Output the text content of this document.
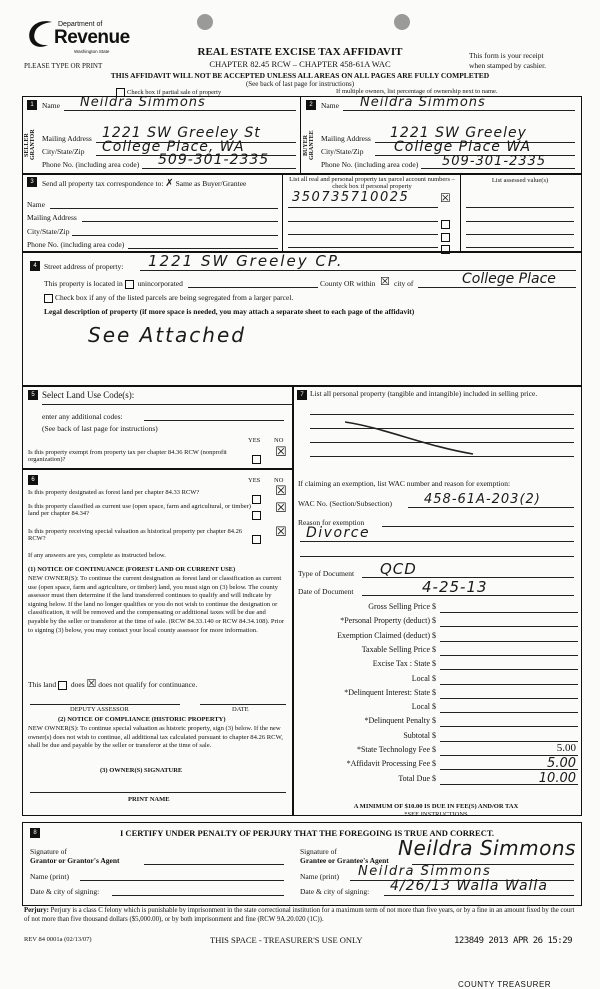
Department of
Revenue
Washington State
PLEASE TYPE OR PRINT
REAL ESTATE EXCISE TAX AFFIDAVIT
CHAPTER 82.45 RCW – CHAPTER 458-61A WAC
This form is your receipt
when stamped by cashier.
THIS AFFIDAVIT WILL NOT BE ACCEPTED UNLESS ALL AREAS ON ALL PAGES ARE FULLY COMPLETED
(See back of last page for instructions)
Check box if partial sale of property	If multiple owners, list percentage of ownership next to name.
1	2
SELLER GRANTOR	BUYER GRANTEE
Name Neildra Simmons
Mailing Address 1221 SW Greeley St
City/State/Zip College Place, WA
Phone No. (including area code) 509-301-2335
Name Neildra Simmons
Mailing Address 1221 SW Greeley
City/State/Zip College Place WA
Phone No. (including area code) 509-301-2335
3	Send all property tax correspondence to: ✗ Same as Buyer/Grantee
Name
Mailing Address
City/State/Zip
Phone No. (including area code)
List all real and personal property tax parcel account numbers – check box if personal property
350735710025	☒
List assessed value(s)
4 Street address of property: 1221 SW Greeley CP.
This property is located in unincorporated	County OR within ☒ city of	College Place
Check box if any of the listed parcels are being segregated from a larger parcel.
Legal description of property (if more space is needed, you may attach a separate sheet to each page of the affidavit)
See Attached
5 Select Land Use Code(s):
enter any additional codes:
(See back of last page for instructions)
YES NO
Is this property exempt from property tax per chapter 84.36 RCW (nonprofit organization)?	☒
6	YES NO
Is this property designated as forest land per chapter 84.33 RCW?	☒
Is this property classified as current use (open space, farm and agricultural, or timber) land per chapter 84.34?	☒
Is this property receiving special valuation as historical property per chapter 84.26 RCW?	☒
If any answers are yes, complete as instructed below.
(1) NOTICE OF CONTINUANCE (FOREST LAND OR CURRENT USE)
NEW OWNER(S): To continue the current designation as forest land or classification as current use (open space, farm and agriculture, or timber) land, you must sign on (3) below. The county assessor must then determine if the land transferred continues to qualify and will indicate by signing below. If the land no longer qualifies or you do not wish to continue the designation or classification, it will be removed and the compensating or additional taxes will be due and payable by the seller or transferor at the time of sale. (RCW 84.33.140 or RCW 84.34.108). Prior to signing (3) below, you may contact your local county assessor for more information.
This land does ☒ does not qualify for continuance.
DEPUTY ASSESSOR	DATE
(2) NOTICE OF COMPLIANCE (HISTORIC PROPERTY)
NEW OWNER(S): To continue special valuation as historic property, sign (3) below. If the new owner(s) does not wish to continue, all additional tax calculated pursuant to chapter 84.26 RCW, shall be due and payable by the seller or transferor at the time of sale.
(3) OWNER(S) SIGNATURE
PRINT NAME
7 List all personal property (tangible and intangible) included in selling price.
If claiming an exemption, list WAC number and reason for exemption:
WAC No. (Section/Subsection) 458-61A-203(2)
Reason for exemption
Divorce
Type of Document QCD
Date of Document	4-25-13
Gross Selling Price $
*Personal Property (deduct) $
Exemption Claimed (deduct) $
Taxable Selling Price $
Excise Tax : State $
Local $
*Delinquent Interest: State $
Local $
*Delinquent Penalty $
Subtotal $
*State Technology Fee $	5.00
*Affidavit Processing Fee $	5.00
Total Due $	10.00
A MINIMUM OF $10.00 IS DUE IN FEE(S) AND/OR TAX
*SEE INSTRUCTIONS
8	I CERTIFY UNDER PENALTY OF PERJURY THAT THE FOREGOING IS TRUE AND CORRECT.
Signature of
Grantor or Grantor's Agent
Name (print)
Date & city of signing:
Signature of
Grantee or Grantee's Agent
Neildra Simmons
Name (print) Neildra Simmons
Date & city of signing: 4/26/13 Walla Walla
Perjury: Perjury is a class C felony which is punishable by imprisonment in the state correctional institution for a maximum term of not more than five years, or by a fine in an amount fixed by the court of not more than five thousand dollars ($5,000.00), or by both imprisonment and fine (RCW 9A.20.020 (1C)).
REV 84 0001a (02/13/07)	THIS SPACE - TREASURER'S USE ONLY	123849 2013 APR 26 15:29
COUNTY TREASURER
